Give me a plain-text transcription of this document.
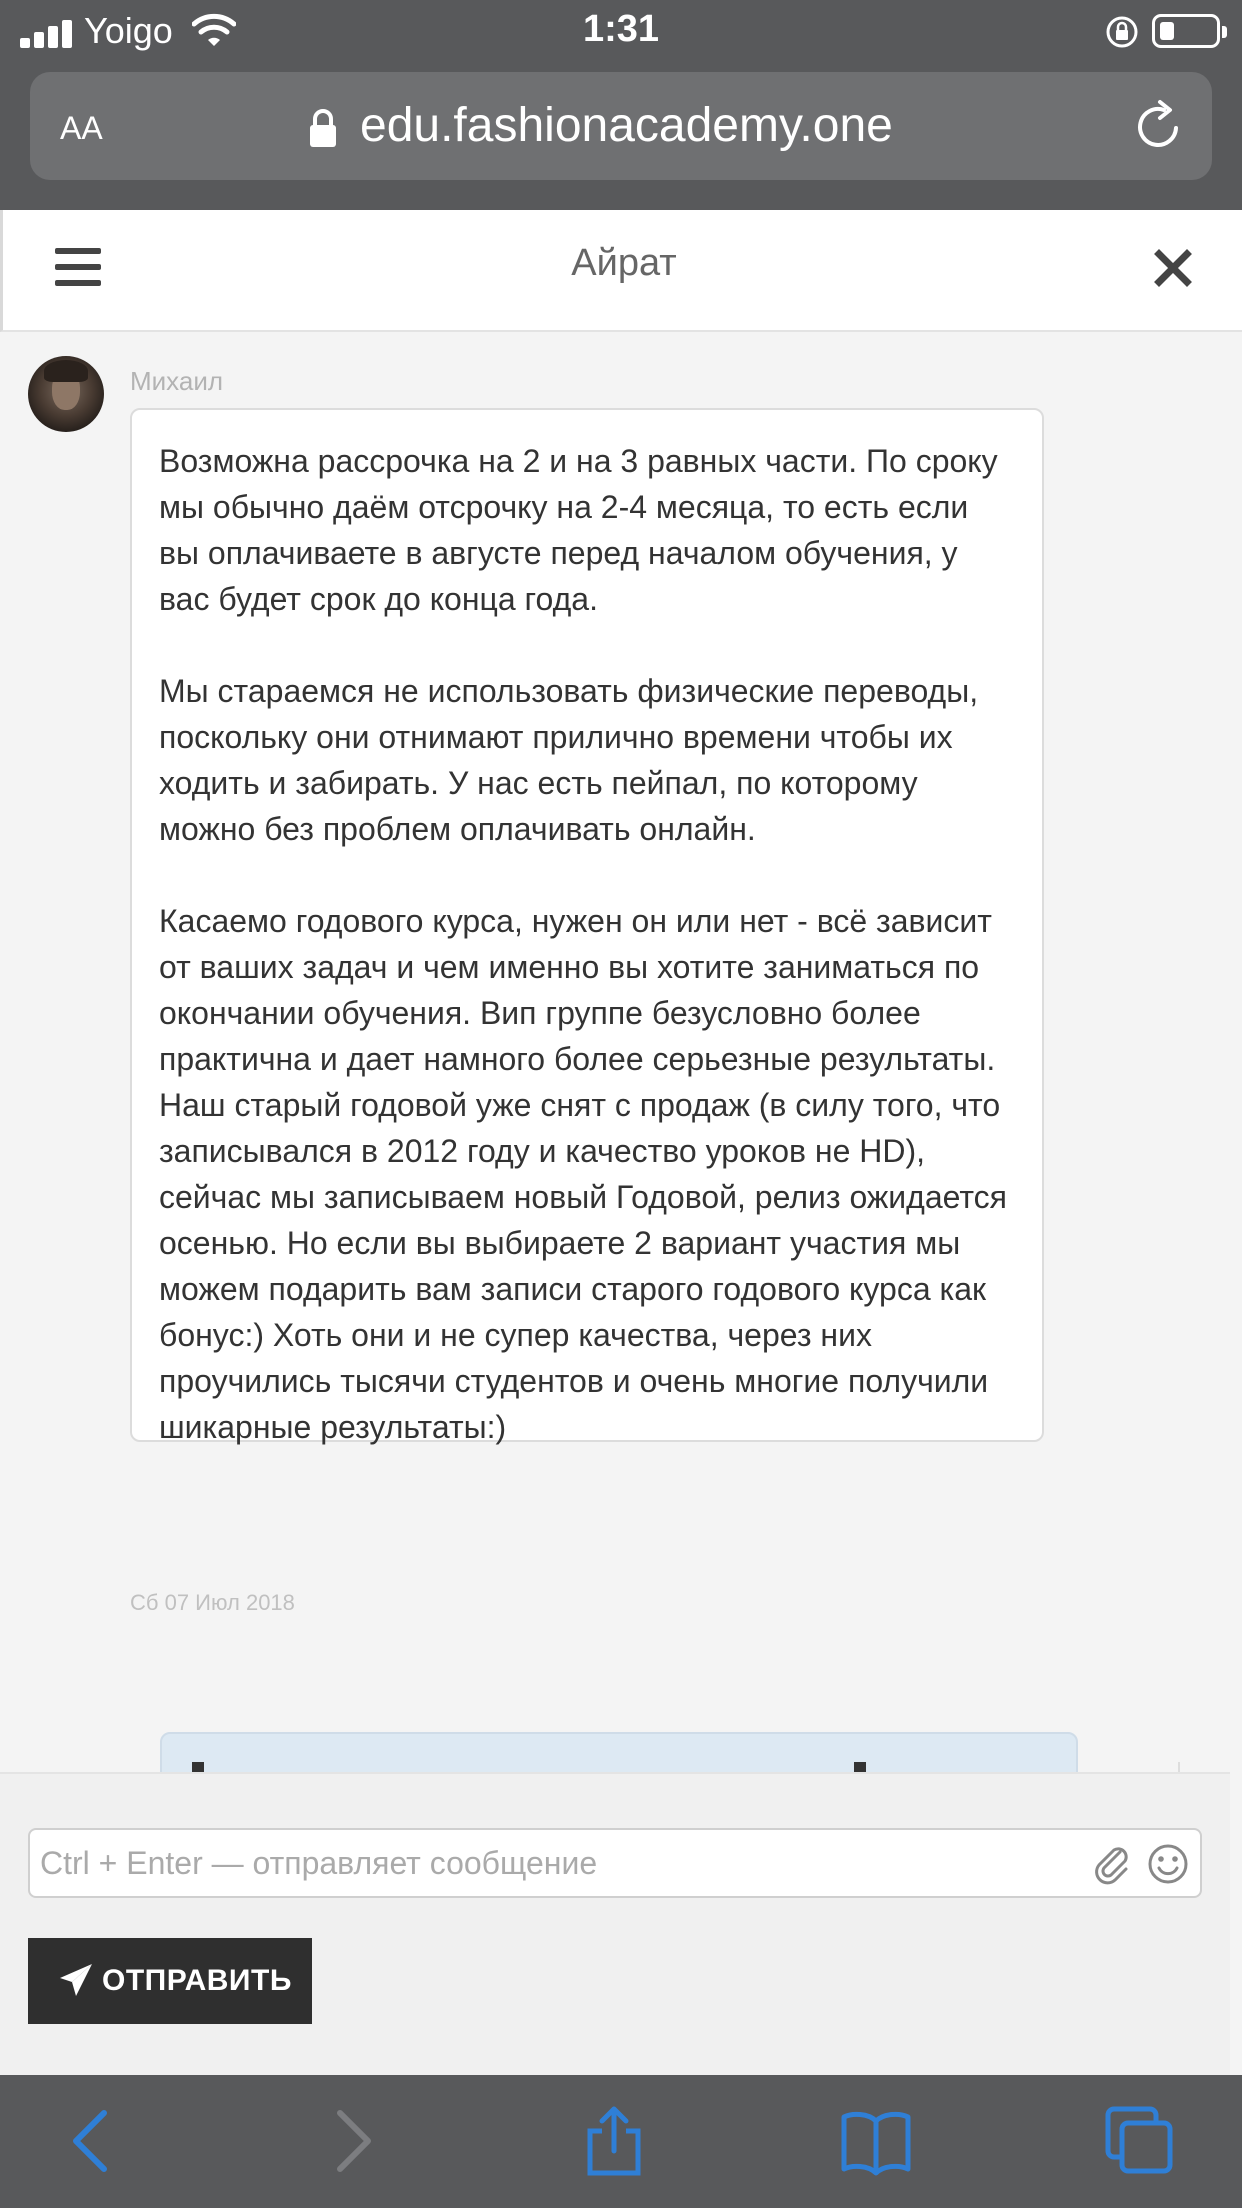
Yoigo	1:31
AA	edu.fashionacademy.one
Айрат
Михаил

Возможна рассрочка на 2 и на 3 равных части. По сроку мы обычно даём отсрочку на 2-4 месяца, то есть если вы оплачиваете в августе перед началом обучения, у вас будет срок до конца года.

Мы стараемся не использовать физические переводы, поскольку они отнимают прилично времени чтобы их ходить и забирать. У нас есть пейпал, по которому можно без проблем оплачивать онлайн.

Касаемо годового курса, нужен он или нет - всё зависит от ваших задач и чем именно вы хотите заниматься по окончании обучения. Вип группе безусловно более практична и дает намного более серьезные результаты.

Наш старый годовой уже снят с продаж (в силу того, что записывался в 2012 году и качество уроков не HD), сейчас мы записываем новый Годовой, релиз ожидается осенью. Но если вы выбираете 2 вариант участия мы можем подарить вам записи старого годового курса как бонус:) Хоть они и не супер качества, через них проучились тысячи студентов и очень многие получили шикарные результаты:)

Сб 07 Июл 2018
Ctrl + Enter — отправляет сообщение
ОТПРАВИТЬ
